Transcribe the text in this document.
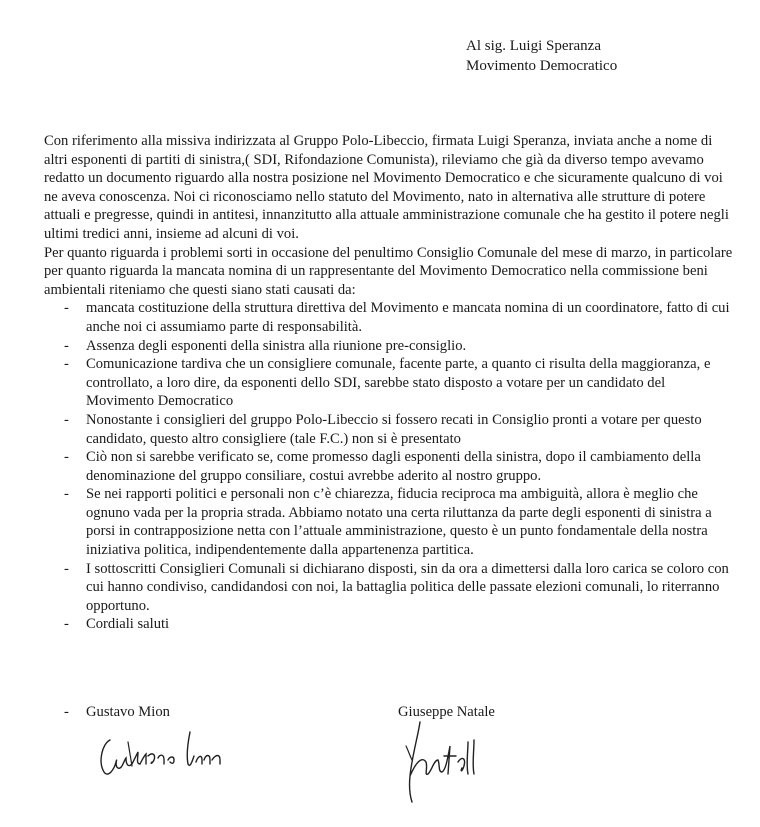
Al sig. Luigi Speranza
Movimento Democratico

Con riferimento alla missiva indirizzata al Gruppo Polo-Libeccio, firmata Luigi Speranza, inviata anche a nome di altri esponenti di partiti di sinistra,( SDI, Rifondazione Comunista), rileviamo che già da diverso tempo avevamo redatto un documento riguardo alla nostra posizione nel Movimento Democratico e che sicuramente qualcuno di voi ne aveva conoscenza. Noi ci riconosciamo nello statuto del Movimento, nato in alternativa alle strutture di potere attuali e pregresse, quindi in antitesi, innanzitutto alla attuale amministrazione comunale che ha gestito il potere negli ultimi tredici anni, insieme ad alcuni di voi.

Per quanto riguarda i problemi sorti in occasione del penultimo Consiglio Comunale del mese di marzo, in particolare per quanto riguarda la mancata nomina di un rappresentante del Movimento Democratico nella commissione beni ambientali riteniamo che questi siano stati causati da:

- mancata costituzione della struttura direttiva del Movimento e mancata nomina di un coordinatore, fatto di cui anche noi ci assumiamo parte di responsabilità.
- Assenza degli esponenti della sinistra alla riunione pre-consiglio.
- Comunicazione tardiva che un consigliere comunale, facente parte, a quanto ci risulta della maggioranza, e controllato, a loro dire, da esponenti dello SDI, sarebbe stato disposto a votare per un candidato del Movimento Democratico
- Nonostante i consiglieri del gruppo Polo-Libeccio si fossero recati in Consiglio pronti a votare per questo candidato, questo altro consigliere (tale F.C.) non si è presentato
- Ciò non si sarebbe verificato se, come promesso dagli esponenti della sinistra, dopo il cambiamento della denominazione del gruppo consiliare, costui avrebbe aderito al nostro gruppo.
- Se nei rapporti politici e personali non c’è chiarezza, fiducia reciproca ma ambiguità, allora è meglio che ognuno vada per la propria strada. Abbiamo notato una certa riluttanza da parte degli esponenti di sinistra a porsi in contrapposizione netta con l’attuale amministrazione, questo è un punto fondamentale della nostra iniziativa politica, indipendentemente dalla appartenenza partitica.
- I sottoscritti Consiglieri Comunali si dichiarano disposti, sin da ora a dimettersi dalla loro carica se coloro con cui hanno condiviso, candidandosi con noi, la battaglia politica delle passate elezioni comunali, lo riterranno opportuno.
- Cordiali saluti
- Gustavo Mion	Giuseppe Natale
